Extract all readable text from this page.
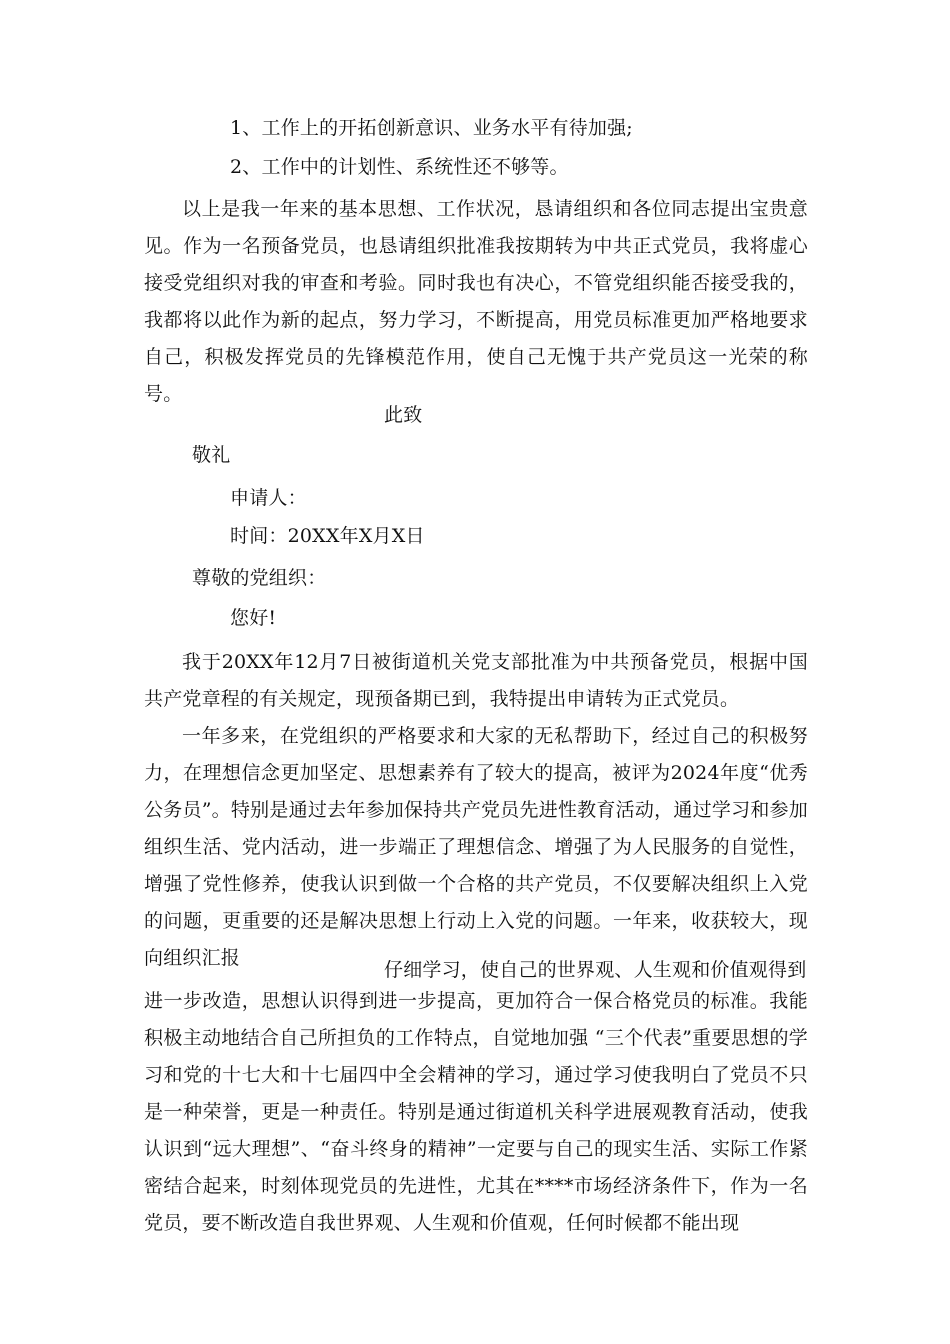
1、工作上的开拓创新意识、业务水平有待加强;
2、工作中的计划性、系统性还不够等。
以上是我一年来的基本思想、工作状况，恳请组织和各位同志提出宝贵意见。作为一名预备党员，也恳请组织批准我按期转为中共正式党员，我将虚心接受党组织对我的审查和考验。同时我也有决心，不管党组织能否接受我的，我都将以此作为新的起点，努力学习，不断提高，用党员标准更加严格地要求自己，积极发挥党员的先锋模范作用，使自己无愧于共产党员这一光荣的称号。
此致
敬礼
申请人：
时间：20XX年X月X日
尊敬的党组织：
您好!
我于20XX年12月7日被街道机关党支部批准为中共预备党员，根据中国共产党章程的有关规定，现预备期已到，我特提出申请转为正式党员。
一年多来，在党组织的严格要求和大家的无私帮助下，经过自己的积极努力，在理想信念更加坚定、思想素养有了较大的提高，被评为2024年度“优秀公务员”。特别是通过去年参加保持共产党员先进性教育活动，通过学习和参加组织生活、党内活动，进一步端正了理想信念、增强了为人民服务的自觉性，增强了党性修养，使我认识到做一个合格的共产党员，不仅要解决组织上入党的问题，更重要的还是解决思想上行动上入党的问题。一年来，收获较大，现向组织汇报
仔细学习，使自己的世界观、人生观和价值观得到
进一步改造，思想认识得到进一步提高，更加符合一保合格党员的标准。我能积极主动地结合自己所担负的工作特点，自觉地加强 “三个代表”重要思想的学习和党的十七大和十七届四中全会精神的学习，通过学习使我明白了党员不只是一种荣誉，更是一种责任。特别是通过街道机关科学进展观教育活动，使我认识到“远大理想”、“奋斗终身的精神”一定要与自己的现实生活、实际工作紧密结合起来，时刻体现党员的先进性，尤其在****市场经济条件下，作为一名党员，要不断改造自我世界观、人生观和价值观，任何时候都不能出现
